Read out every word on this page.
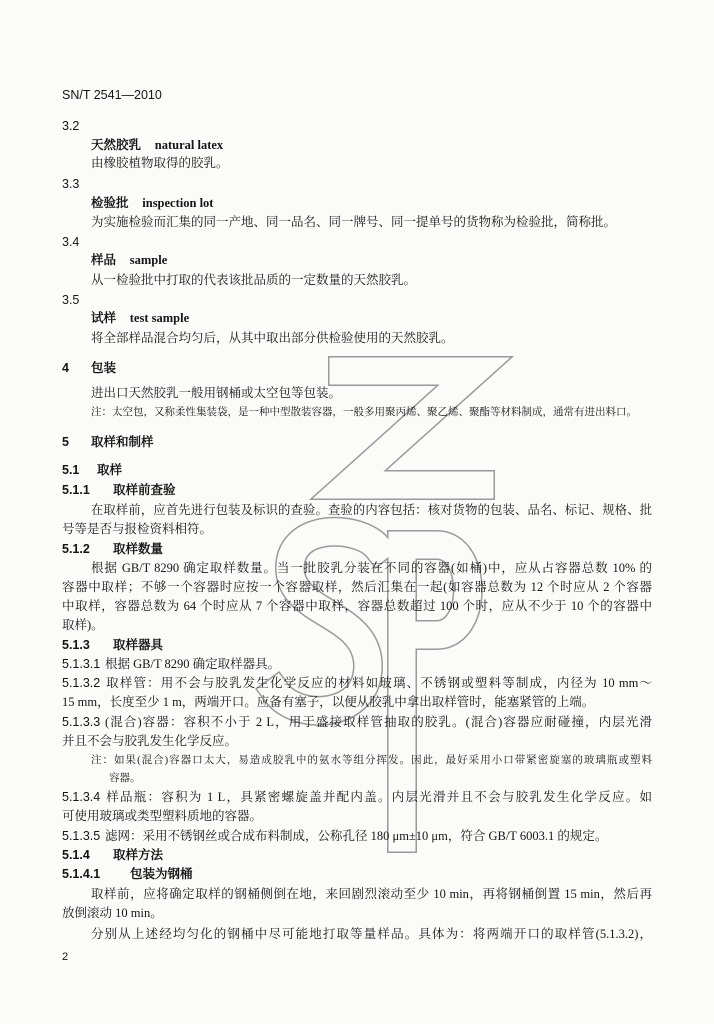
SN/T 2541—2010
3.2
天然胶乳 natural latex
由橡胶植物取得的胶乳。
3.3
检验批 inspection lot
为实施检验而汇集的同一产地、同一品名、同一牌号、同一提单号的货物称为检验批，简称批。
3.4
样品 sample
从一检验批中打取的代表该批品质的一定数量的天然胶乳。
3.5
试样 test sample
将全部样品混合均匀后，从其中取出部分供检验使用的天然胶乳。
4 包装
进出口天然胶乳一般用钢桶或太空包等包装。
注：太空包，又称柔性集装袋，是一种中型散装容器，一般多用聚丙烯、聚乙烯、聚酯等材料制成，通常有进出料口。
5 取样和制样
5.1 取样
5.1.1 取样前查验
在取样前，应首先进行包装及标识的查验。查验的内容包括：核对货物的包装、品名、标记、规格、批
号等是否与报检资料相符。
5.1.2 取样数量
根据 GB/T 8290 确定取样数量。当一批胶乳分装在不同的容器(如桶)中，应从占容器总数 10% 的
容器中取样；不够一个容器时应按一个容器取样，然后汇集在一起(如容器总数为 12 个时应从 2 个容器
中取样，容器总数为 64 个时应从 7 个容器中取样，容器总数超过 100 个时，应从不少于 10 个的容器中
取样)。
5.1.3 取样器具
5.1.3.1 根据 GB/T 8290 确定取样器具。
5.1.3.2 取样管：用不会与胶乳发生化学反应的材料如玻璃、不锈钢或塑料等制成，内径为 10 mm～
15 mm，长度至少 1 m，两端开口。应备有塞子，以便从胶乳中拿出取样管时，能塞紧管的上端。
5.1.3.3 (混合)容器：容积不小于 2 L，用于盛接取样管抽取的胶乳。(混合)容器应耐碰撞，内层光滑
并且不会与胶乳发生化学反应。
注：如果(混合)容器口太大，易造成胶乳中的氨水等组分挥发。因此，最好采用小口带紧密旋塞的玻璃瓶或塑料
容器。
5.1.3.4 样品瓶：容积为 1 L，具紧密螺旋盖并配内盖。内层光滑并且不会与胶乳发生化学反应。如
可使用玻璃或类型塑料质地的容器。
5.1.3.5 滤网：采用不锈钢丝或合成布料制成，公称孔径 180 μm±10 μm，符合 GB/T 6003.1 的规定。
5.1.4 取样方法
5.1.4.1 包装为钢桶
取样前，应将确定取样的钢桶侧倒在地，来回剧烈滚动至少 10 min，再将钢桶倒置 15 min，然后再
放倒滚动 10 min。
分别从上述经均匀化的钢桶中尽可能地打取等量样品。具体为：将两端开口的取样管(5.1.3.2)，
2
